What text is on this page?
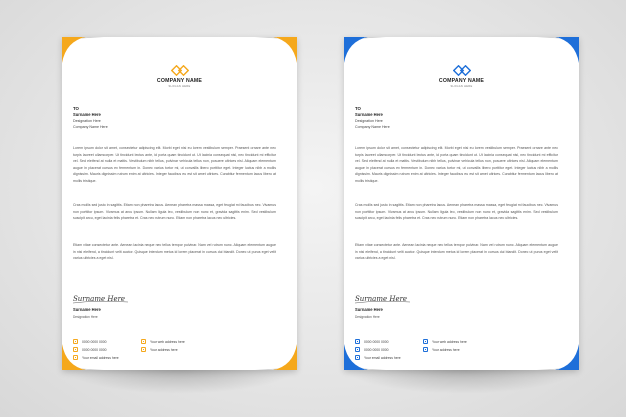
COMPANY NAME
SLOGAN HERE
TO
Surname Here
Designation Here
Company Name Here
Lorem ipsum dolor sit amet, consectetur adipiscing elit. Morbi eget nisi eu lorem vestibulum semper. Praesent ornare ante nec turpis laoreet ullamcorper. Ut tincidunt lectus ante, id porta quam tincidunt ut. Ut lacinia consequat nisl, nec tincidunt mi efficitur vel. Sed eleifend at nulla et mattis. Vestibulum nibh tellus, pulvinar vehicula tellus non, posuere ultrices nisl. Aliquam elementum augue in placerat cursus ex fermentum in. Donec varius tortor mi, ut convallis libero porttitor eget. Integer luctus nibh a mollis dignissim. Mauris dignissim rutrum enim at ultricies. Integer faucibus eu est sit amet ultrices. Curabitur fermentum lacus libero at mollis tristique.
Cras mollis sed justo in sagittis. Etiam non pharetra lacus. Aenean pharetra massa massa, eget feugiat mi faucibus nec. Vivamus non porttitor ipsum. Vivamus at arcu ipsum. Nullam ligula leo, vestibulum non nunc et, gravida sagittis enim. Sed vestibulum suscipit arcu, eget lacinia felis pharetra et. Cras nec rutrum nunc. Etiam non pharetra lacus nec ultricies.
Etiam vitae consectetur ante. Aenean lacinia neque nec tellus tempor pulvinar. Nam vel rutrum nunc. Aliquam elementum augue in nisi eleifend, a tincidunt velit auctor. Quisque interdum metus id lorem placerat in cursus dui blandit. Donec ut purus eget velit varius ultricies a eget nisl.
Surname Here
Surname Here
Designation Here
0000 0000 0000	Your web address here
0000 0000 0000	Your address here
Your email address here
COMPANY NAME
SLOGAN HERE
TO
Surname Here
Designation Here
Company Name Here
Lorem ipsum dolor sit amet, consectetur adipiscing elit. Morbi eget nisi eu lorem vestibulum semper. Praesent ornare ante nec turpis laoreet ullamcorper. Ut tincidunt lectus ante, id porta quam tincidunt ut. Ut lacinia consequat nisl, nec tincidunt mi efficitur vel. Sed eleifend at nulla et mattis. Vestibulum nibh tellus, pulvinar vehicula tellus non, posuere ultrices nisl. Aliquam elementum augue in placerat cursus ex fermentum in. Donec varius tortor mi, ut convallis libero porttitor eget. Integer luctus nibh a mollis dignissim. Mauris dignissim rutrum enim at ultricies. Integer faucibus eu est sit amet ultrices. Curabitur fermentum lacus libero at mollis tristique.
Cras mollis sed justo in sagittis. Etiam non pharetra lacus. Aenean pharetra massa massa, eget feugiat mi faucibus nec. Vivamus non porttitor ipsum. Vivamus at arcu ipsum. Nullam ligula leo, vestibulum non nunc et, gravida sagittis enim. Sed vestibulum suscipit arcu, eget lacinia felis pharetra et. Cras nec rutrum nunc. Etiam non pharetra lacus nec ultricies.
Etiam vitae consectetur ante. Aenean lacinia neque nec tellus tempor pulvinar. Nam vel rutrum nunc. Aliquam elementum augue in nisi eleifend, a tincidunt velit auctor. Quisque interdum metus id lorem placerat in cursus dui blandit. Donec ut purus eget velit varius ultricies a eget nisl.
Surname Here
Surname Here
Designation Here
0000 0000 0000	Your web address here
0000 0000 0000	Your address here
Your email address here
